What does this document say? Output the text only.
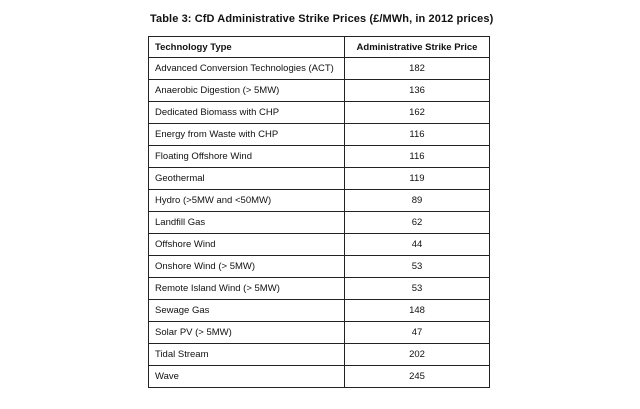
Table 3: CfD Administrative Strike Prices (£/MWh, in 2012 prices)
Technology Type	Administrative Strike Price
Advanced Conversion Technologies (ACT)	182
Anaerobic Digestion (> 5MW)	136
Dedicated Biomass with CHP	162
Energy from Waste with CHP	116
Floating Offshore Wind	116
Geothermal	119
Hydro (>5MW and <50MW)	89
Landfill Gas	62
Offshore Wind	44
Onshore Wind (> 5MW)	53
Remote Island Wind (> 5MW)	53
Sewage Gas	148
Solar PV (> 5MW)	47
Tidal Stream	202
Wave	245
